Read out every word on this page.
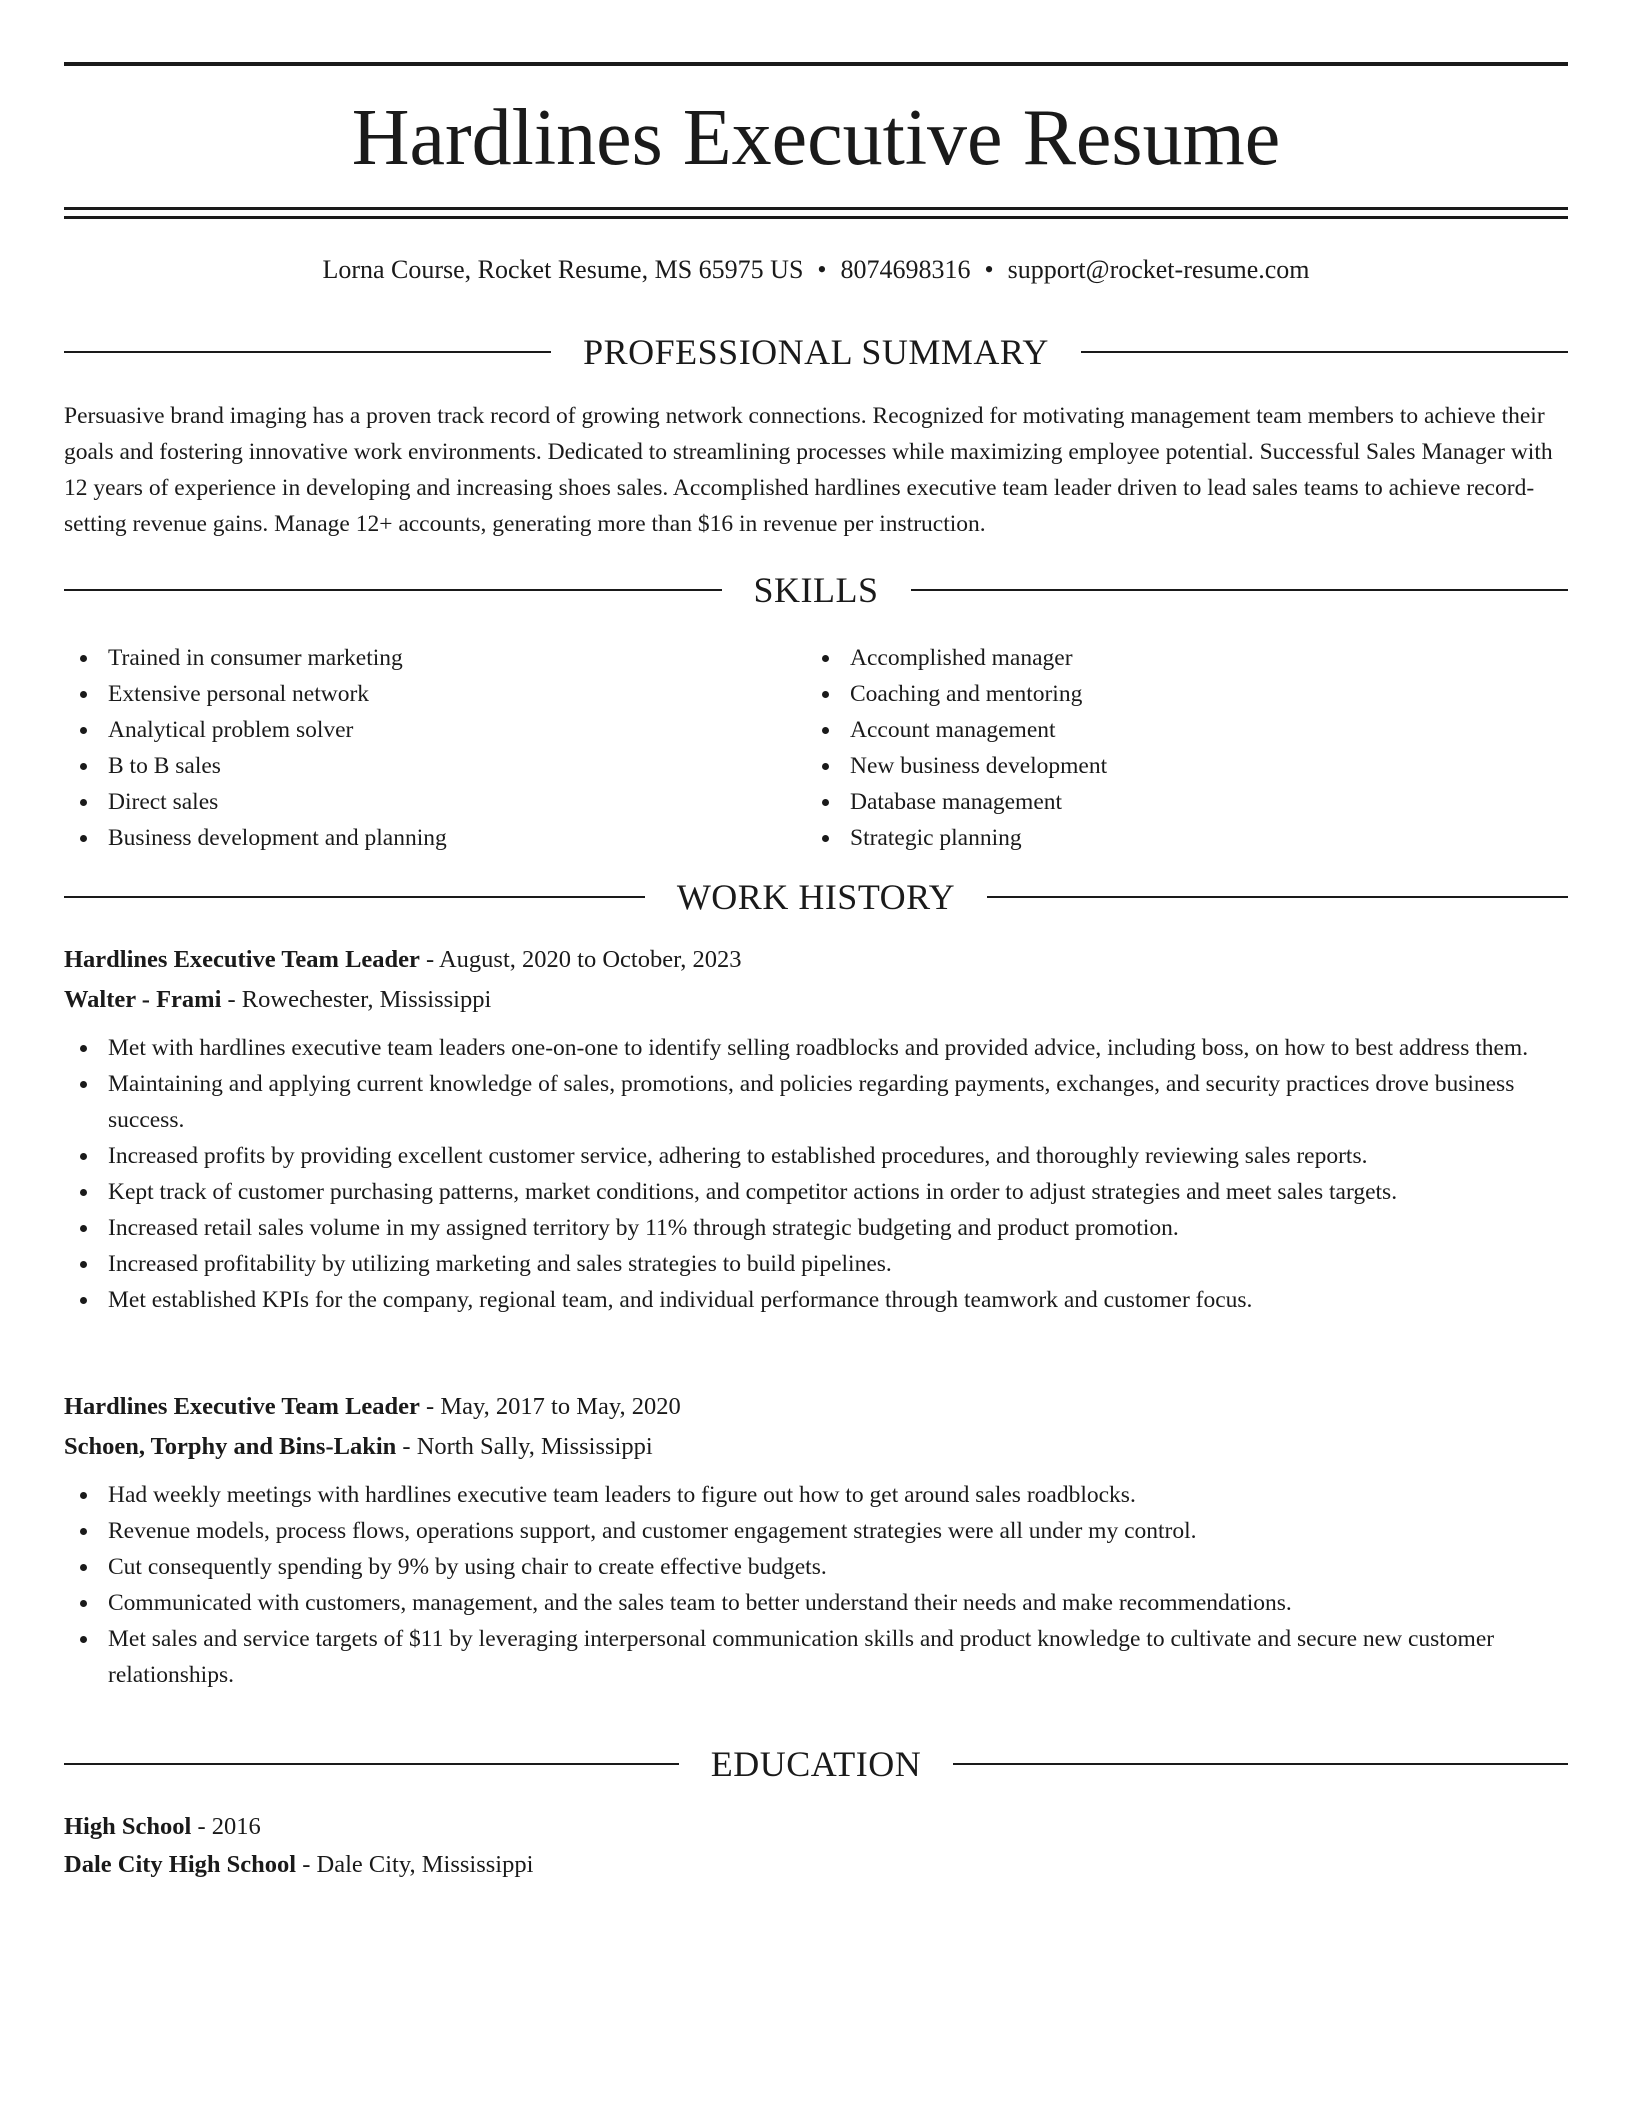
Hardlines Executive Resume
Lorna Course, Rocket Resume, MS 65975 US • 8074698316 • support@rocket-resume.com
PROFESSIONAL SUMMARY

Persuasive brand imaging has a proven track record of growing network connections. Recognized for motivating management team members to achieve their goals and fostering innovative work environments. Dedicated to streamlining processes while maximizing employee potential. Successful Sales Manager with 12 years of experience in developing and increasing shoes sales. Accomplished hardlines executive team leader driven to lead sales teams to achieve record-setting revenue gains. Manage 12+ accounts, generating more than $16 in revenue per instruction.

SKILLS
Trained in consumer marketing
Extensive personal network
Analytical problem solver
B to B sales
Direct sales
Business development and planning
Accomplished manager
Coaching and mentoring
Account management
New business development
Database management
Strategic planning
WORK HISTORY
Hardlines Executive Team Leader - August, 2020 to October, 2023
Walter - Frami - Rowechester, Mississippi
Met with hardlines executive team leaders one-on-one to identify selling roadblocks and provided advice, including boss, on how to best address them.
Maintaining and applying current knowledge of sales, promotions, and policies regarding payments, exchanges, and security practices drove business success.
Increased profits by providing excellent customer service, adhering to established procedures, and thoroughly reviewing sales reports.
Kept track of customer purchasing patterns, market conditions, and competitor actions in order to adjust strategies and meet sales targets.
Increased retail sales volume in my assigned territory by 11% through strategic budgeting and product promotion.
Increased profitability by utilizing marketing and sales strategies to build pipelines.
Met established KPIs for the company, regional team, and individual performance through teamwork and customer focus.
Hardlines Executive Team Leader - May, 2017 to May, 2020
Schoen, Torphy and Bins-Lakin - North Sally, Mississippi
Had weekly meetings with hardlines executive team leaders to figure out how to get around sales roadblocks.
Revenue models, process flows, operations support, and customer engagement strategies were all under my control.
Cut consequently spending by 9% by using chair to create effective budgets.
Communicated with customers, management, and the sales team to better understand their needs and make recommendations.
Met sales and service targets of $11 by leveraging interpersonal communication skills and product knowledge to cultivate and secure new customer relationships.
EDUCATION
High School - 2016
Dale City High School - Dale City, Mississippi
